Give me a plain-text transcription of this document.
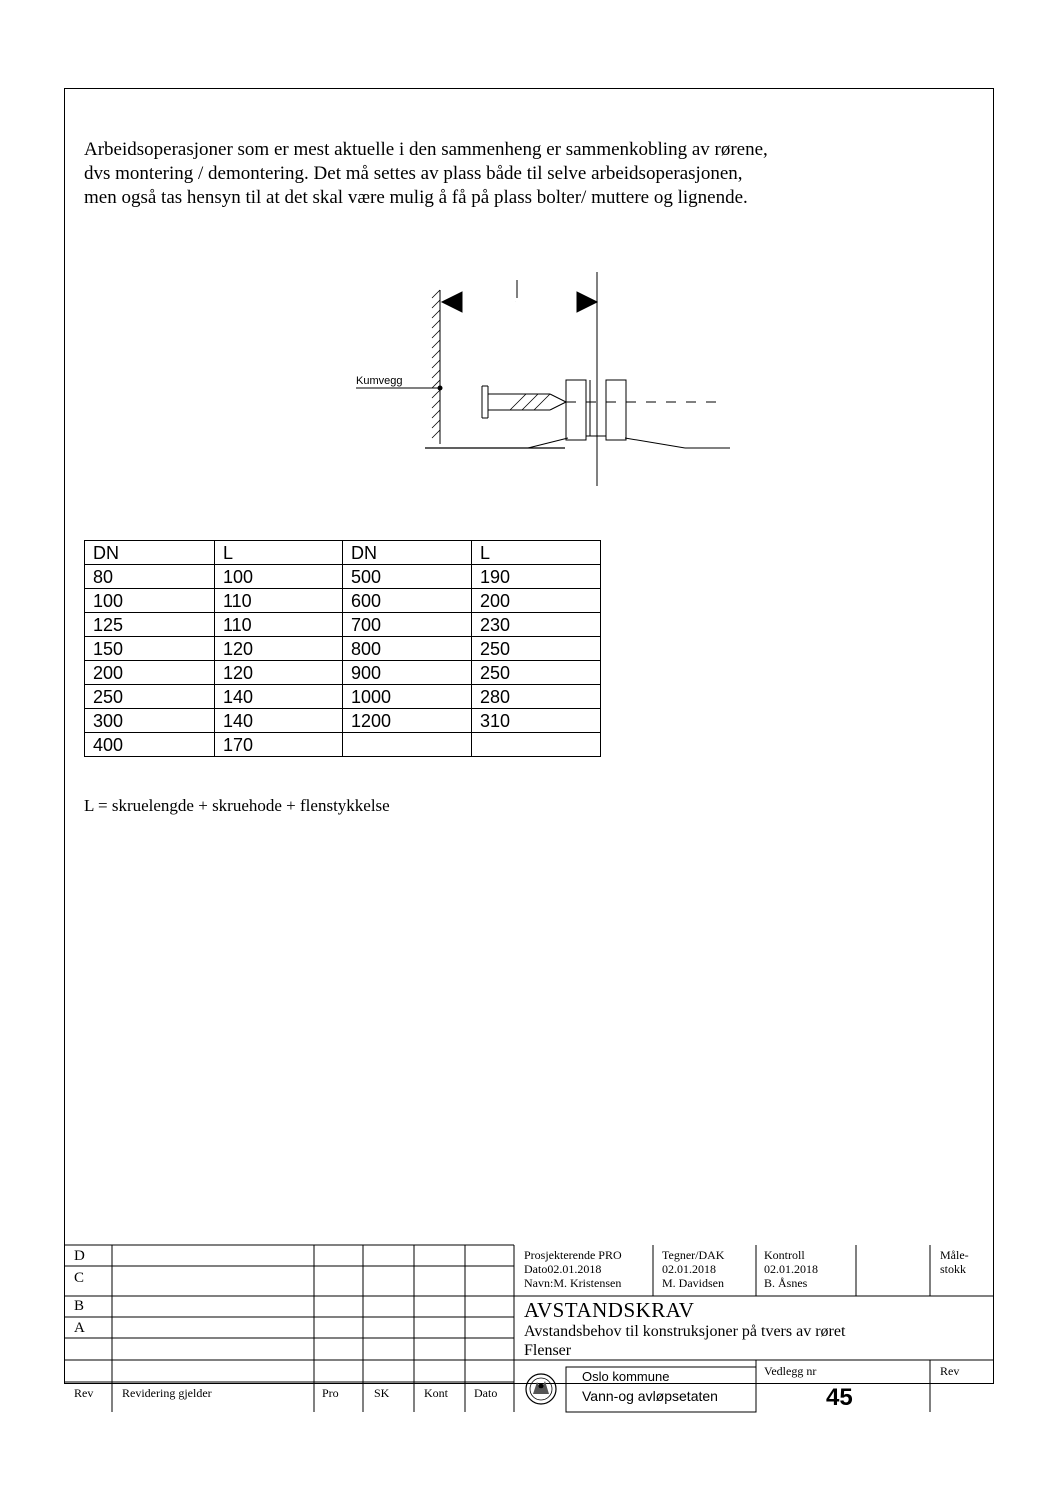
Arbeidsoperasjoner som er mest aktuelle i den sammenheng er sammenkobling av rørene,
dvs montering / demontering. Det må settes av plass både til selve arbeidsoperasjonen,
men også tas hensyn til at det skal være mulig å få på plass bolter/ muttere og lignende.
Kumvegg
l
DN	L	DN	L
80	100	500	190
100	110	600	200
125	110	700	230
150	120	800	250
200	120	900	250
250	140	1000	280
300	140	1200	310
400	170		
L = skruelengde + skruehode + flenstykkelse
D
C
B
A
Rev Revidering gjelder	Pro	SK	Kont Dato
Prosjekterende PRO
Dato02.01.2018
Navn:M. Kristensen
Tegner/DAK
02.01.2018
M. Davidsen
Kontroll
02.01.2018
B. Åsnes
Måle-
stokk
AVSTANDSKRAV
Avstandsbehov til konstruksjoner på tvers av røret
Flenser
Oslo kommune
Vann-og avløpsetaten
Vedlegg nr
45
Rev
